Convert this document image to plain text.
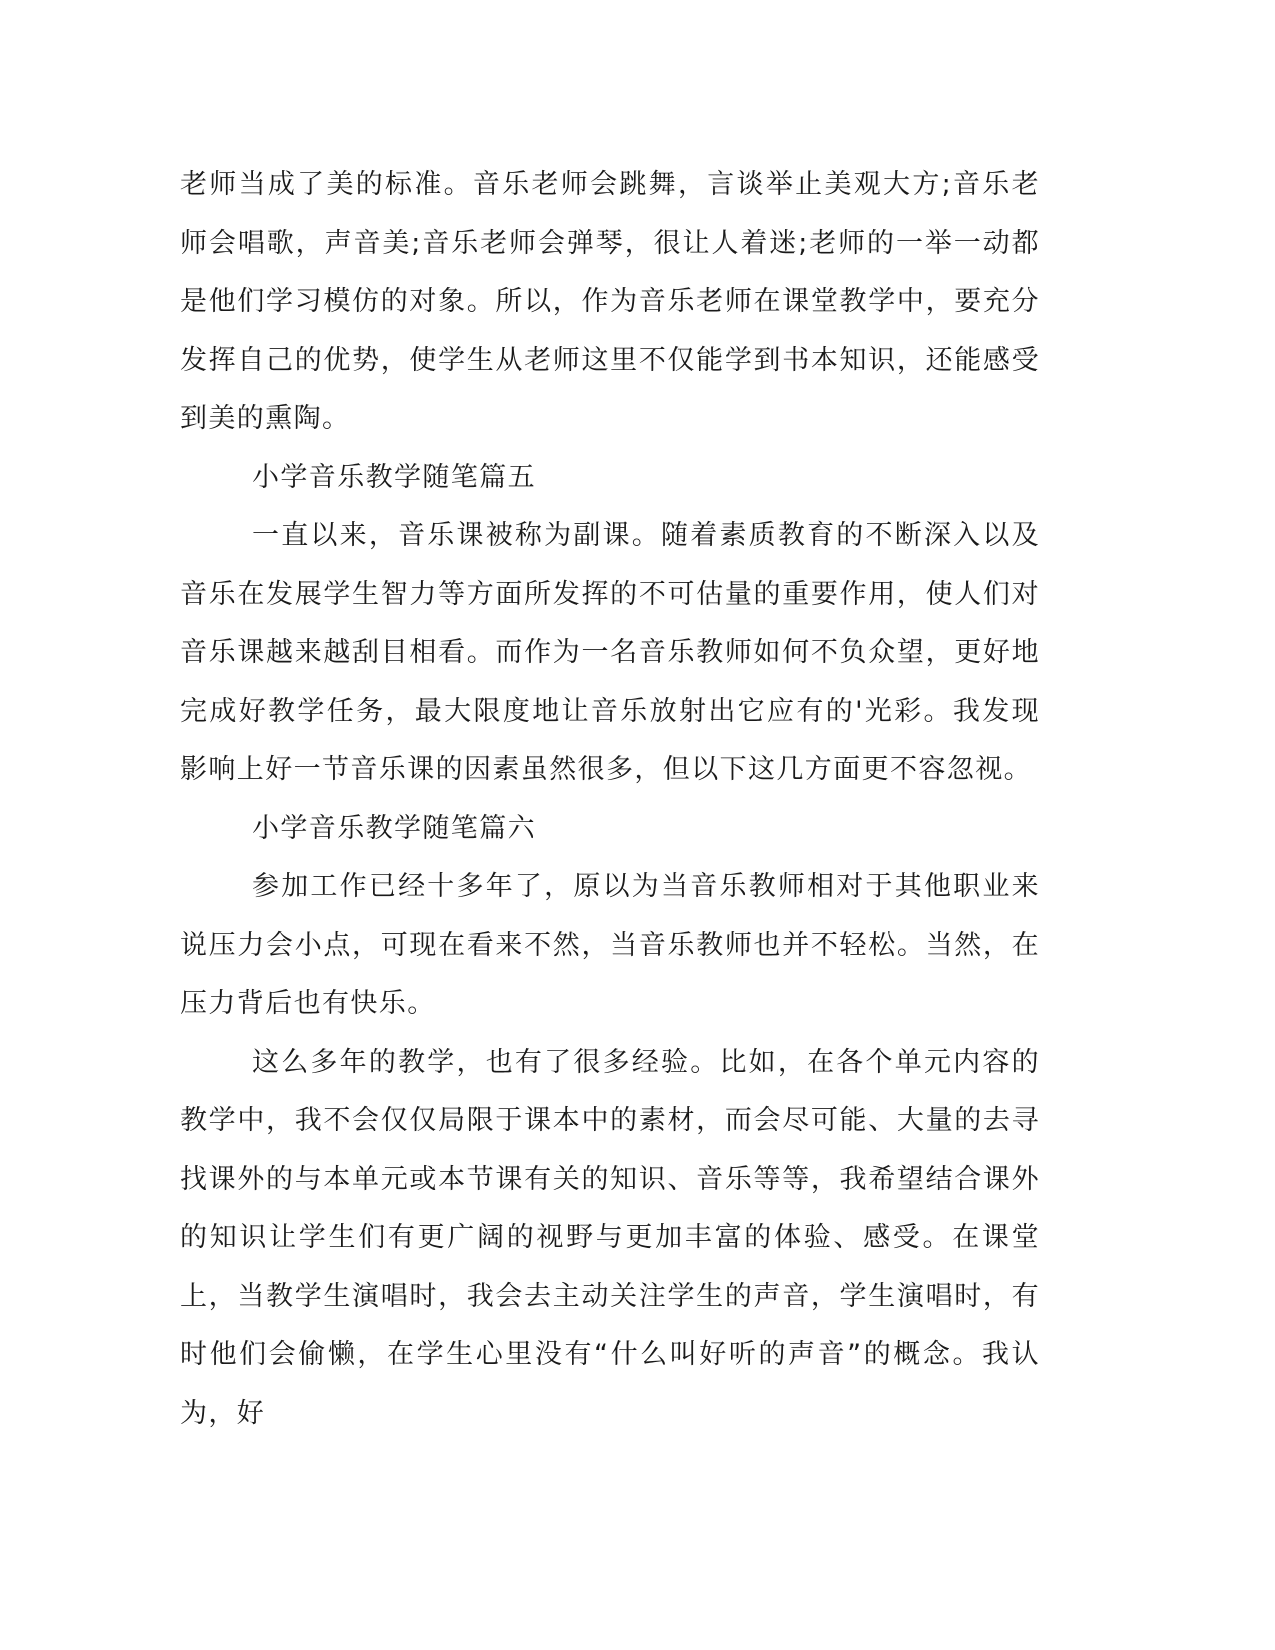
老师当成了美的标准。音乐老师会跳舞，言谈举止美观大方;音乐老师会唱歌，声音美;音乐老师会弹琴，很让人着迷;老师的一举一动都是他们学习模仿的对象。所以，作为音乐老师在课堂教学中，要充分发挥自己的优势，使学生从老师这里不仅能学到书本知识，还能感受到美的熏陶。

小学音乐教学随笔篇五

一直以来，音乐课被称为副课。随着素质教育的不断深入以及音乐在发展学生智力等方面所发挥的不可估量的重要作用，使人们对音乐课越来越刮目相看。而作为一名音乐教师如何不负众望，更好地完成好教学任务，最大限度地让音乐放射出它应有的'光彩。我发现影响上好一节音乐课的因素虽然很多，但以下这几方面更不容忽视。

小学音乐教学随笔篇六

参加工作已经十多年了，原以为当音乐教师相对于其他职业来说压力会小点，可现在看来不然，当音乐教师也并不轻松。当然，在压力背后也有快乐。

这么多年的教学，也有了很多经验。比如，在各个单元内容的教学中，我不会仅仅局限于课本中的素材，而会尽可能、大量的去寻找课外的与本单元或本节课有关的知识、音乐等等，我希望结合课外的知识让学生们有更广阔的视野与更加丰富的体验、感受。在课堂上，当教学生演唱时，我会去主动关注学生的声音，学生演唱时，有时他们会偷懒，在学生心里没有“什么叫好听的声音”的概念。我认为，好
